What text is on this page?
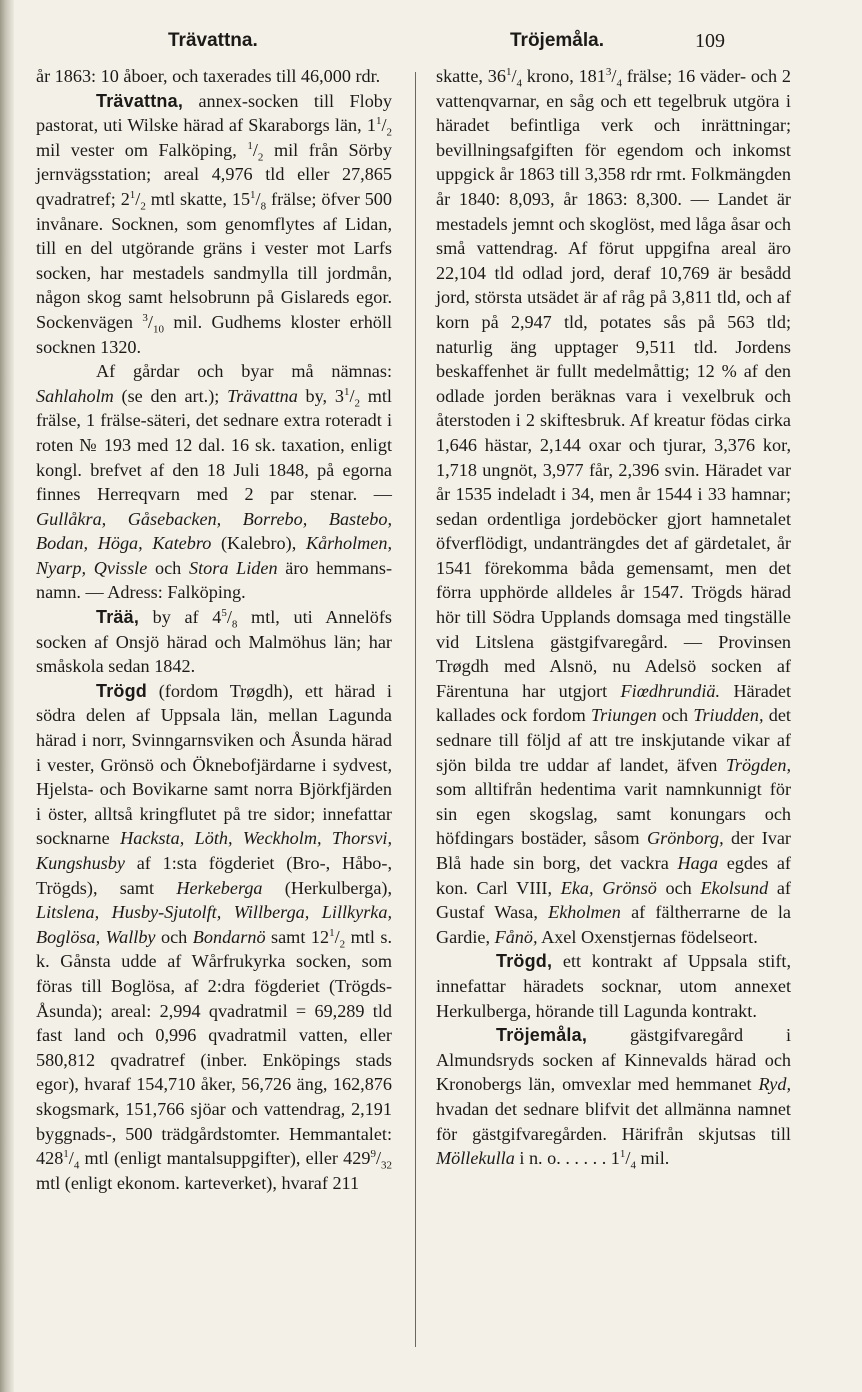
Trävattna.	Tröjemåla.	109

år 1863: 10 åboer, och taxerades till 46,000 rdr.

Trävattna, annex-socken till Floby pastorat, uti Wilske härad af Skaraborgs län, $1^1/_2$ mil vester om Falköping, $^1/_2$ mil från Sörby jernvägsstation; areal 4,976 tld eller 27,865 qvadratref; $2^1/_2$ mtl skatte, $15^1/_8$ frälse; öfver 500 invånare. Socknen, som genomflytes af Lidan, till en del utgörande gräns i vester mot Larfs socken, har mestadels sandmylla till jordmån, någon skog samt helsobrunn på Gislareds egor. Sockenvägen $^3/_{10}$ mil. Gudhems kloster erhöll socknen 1320.

Af gårdar och byar må nämnas: Sahlaholm (se den art.); Trävattna by, $3^1/_2$ mtl frälse, 1 frälse-säteri, det sednare extra roteradt i roten № 193 med 12 dal. 16 sk. taxation, enligt kongl. brefvet af den 18 Juli 1848, på egorna finnes Herreqvarn med 2 par stenar. — Gullåkra, Gåsebacken, Borrebo, Bastebo, Bodan, Höga, Katebro (Kalebro), Kårholmen, Nyarp, Qvissle och Stora Liden äro hemmans-namn. — Adress: Falköping.

Trää, by af $4^5/_8$ mtl, uti Annelöfs socken af Onsjö härad och Malmöhus län; har småskola sedan 1842.

Trögd (fordom Trøgdh), ett härad i södra delen af Uppsala län, mellan Lagunda härad i norr, Svinngarnsviken och Åsunda härad i vester, Grönsö och Öknebofjärdarne i sydvest, Hjelsta- och Bovikarne samt norra Björkfjärden i öster, alltså kringflutet på tre sidor; innefattar socknarne Hacksta, Löth, Weckholm, Thorsvi, Kungshusby af 1:sta fögderiet (Bro-, Håbo-, Trögds), samt Herkeberga (Herkulberga), Litslena, Husby-Sjutolft, Willberga, Lillkyrka, Boglösa, Wallby och Bondarnö samt $12^1/_2$ mtl s. k. Gånsta udde af Wårfrukyrka socken, som föras till Boglösa, af 2:dra fögderiet (Trögds-Åsunda); areal: 2,994 qvadratmil = 69,289 tld fast land och 0,996 qvadratmil vatten, eller 580,812 qvadratref (inber. Enköpings stads egor), hvaraf 154,710 åker, 56,726 äng, 162,876 skogsmark, 151,766 sjöar och vattendrag, 2,191 byggnads-, 500 trädgårdstomter. Hemmantalet: $428^1/_4$ mtl (enligt mantalsuppgifter), eller $429^9/_{32}$ mtl (enligt ekonom. karteverket), hvaraf 211

skatte, $36^1/_4$ krono, $181^3/_4$ frälse; 16 väder- och 2 vattenqvarnar, en såg och ett tegelbruk utgöra i häradet befintliga verk och inrättningar; bevillningsafgiften för egendom och inkomst uppgick år 1863 till 3,358 rdr rmt. Folkmängden år 1840: 8,093, år 1863: 8,300. — Landet är mestadels jemnt och skoglöst, med låga åsar och små vattendrag. Af förut uppgifna areal äro 22,104 tld odlad jord, deraf 10,769 är besådd jord, största utsädet är af råg på 3,811 tld, och af korn på 2,947 tld, potates sås på 563 tld; naturlig äng upptager 9,511 tld. Jordens beskaffenhet är fullt medelmåttig; 12 % af den odlade jorden beräknas vara i vexelbruk och återstoden i 2 skiftesbruk. Af kreatur födas cirka 1,646 hästar, 2,144 oxar och tjurar, 3,376 kor, 1,718 ungnöt, 3,977 får, 2,396 svin. Häradet var år 1535 indeladt i 34, men år 1544 i 33 hamnar; sedan ordentliga jordeböcker gjort hamnetalet öfverflödigt, undanträngdes det af gärdetalet, år 1541 förekomma båda gemensamt, men det förra upphörde alldeles år 1547. Trögds härad hör till Södra Upplands domsaga med tingställe vid Litslena gästgifvaregård. — Provinsen Trøgdh med Alsnö, nu Adelsö socken af Färentuna har utgjort Fiœdhrundiä. Häradet kallades ock fordom Triungen och Triudden, det sednare till följd af att tre inskjutande vikar af sjön bilda tre uddar af landet, äfven Trögden, som alltifrån hedentima varit namnkunnigt för sin egen skogslag, samt konungars och höfdingars bostäder, såsom Grönborg, der Ivar Blå hade sin borg, det vackra Haga egdes af kon. Carl VIII, Eka, Grönsö och Ekolsund af Gustaf Wasa, Ekholmen af fältherrarne de la Gardie, Fånö, Axel Oxenstjernas födelseort.

Trögd, ett kontrakt af Uppsala stift, innefattar häradets socknar, utom annexet Herkulberga, hörande till Lagunda kontrakt.

Tröjemåla, gästgifvaregård i Almundsryds socken af Kinnevalds härad och Kronobergs län, omvexlar med hemmanet Ryd, hvadan det sednare blifvit det allmänna namnet för gästgifvaregården. Härifrån skjutsas till Möllekulla i n. o. . . . . . $1^1/_4$ mil.
